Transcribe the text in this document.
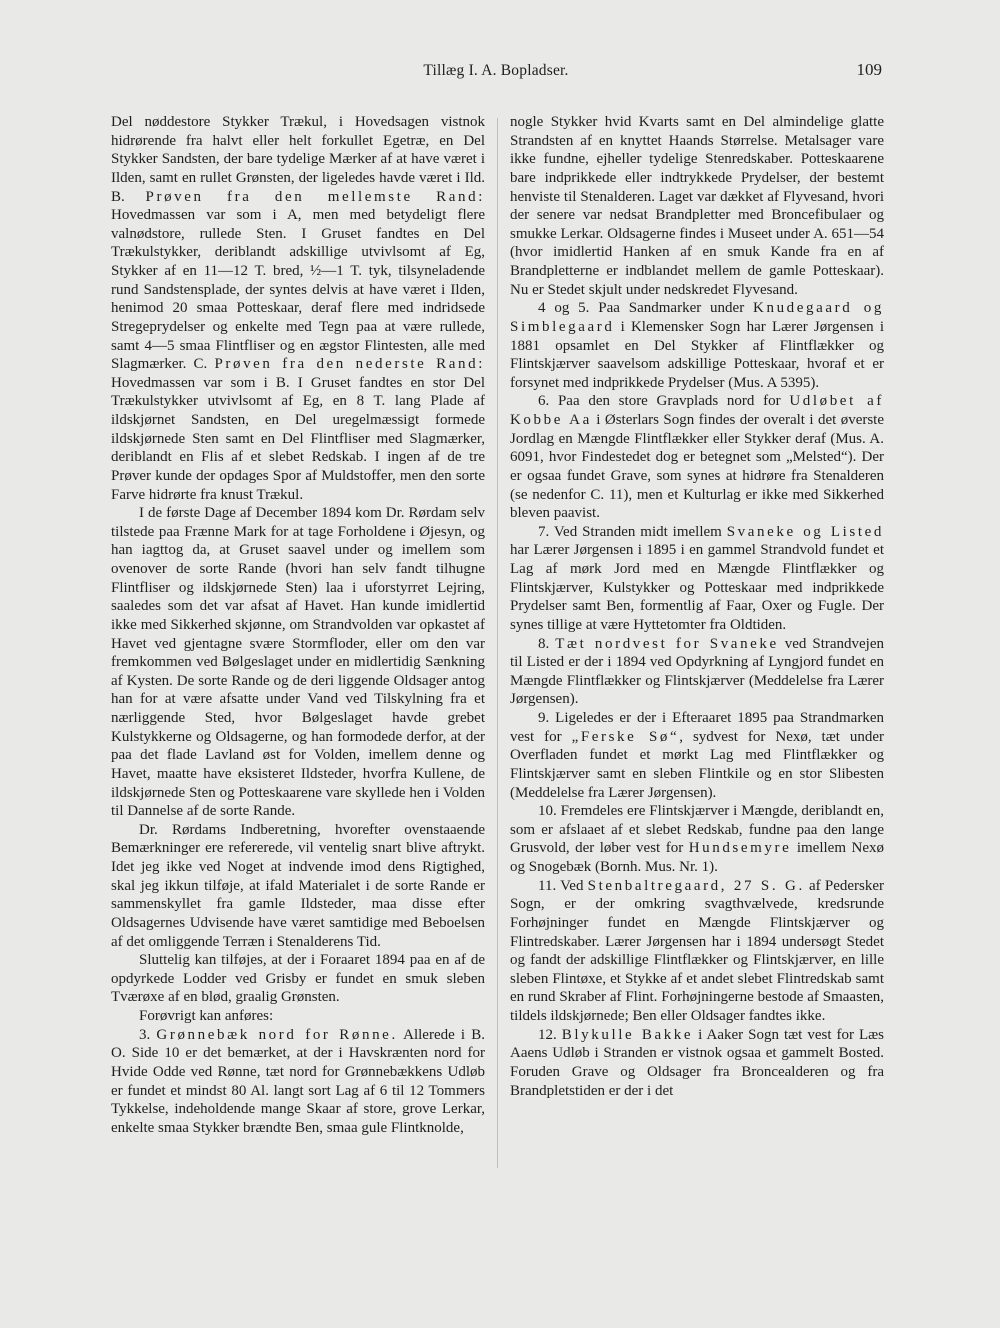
Tillæg I. A. Bopladser.	109

Del nøddestore Stykker Trækul, i Hovedsagen vistnok hidrørende fra halvt eller helt forkullet Egetræ, en Del Stykker Sandsten, der bare tydelige Mærker af at have været i Ilden, samt en rullet Grønsten, der ligeledes havde været i Ild. B. Prøven fra den mellemste Rand: Hovedmassen var som i A, men med betydeligt flere valnødstore, rullede Sten. I Gruset fandtes en Del Trækulstykker, deriblandt adskillige utvivlsomt af Eg, Stykker af en 11—12 T. bred, ½—1 T. tyk, tilsyneladende rund Sandstensplade, der syntes delvis at have været i Ilden, henimod 20 smaa Potteskaar, deraf flere med indridsede Stregeprydelser og enkelte med Tegn paa at være rullede, samt 4—5 smaa Flintfliser og en ægstor Flintesten, alle med Slagmærker. C. Prøven fra den nederste Rand: Hovedmassen var som i B. I Gruset fandtes en stor Del Trækulstykker utvivlsomt af Eg, en 8 T. lang Plade af ildskjørnet Sandsten, en Del uregelmæssigt formede ildskjørnede Sten samt en Del Flintfliser med Slagmærker, deriblandt en Flis af et slebet Redskab. I ingen af de tre Prøver kunde der opdages Spor af Muldstoffer, men den sorte Farve hidrørte fra knust Trækul.

I de første Dage af December 1894 kom Dr. Rørdam selv tilstede paa Frænne Mark for at tage Forholdene i Øjesyn, og han iagttog da, at Gruset saavel under og imellem som ovenover de sorte Rande (hvori han selv fandt tilhugne Flintfliser og ildskjørnede Sten) laa i uforstyrret Lejring, saaledes som det var afsat af Havet. Han kunde imidlertid ikke med Sikkerhed skjønne, om Strandvolden var opkastet af Havet ved gjentagne svære Stormfloder, eller om den var fremkommen ved Bølgeslaget under en midlertidig Sænkning af Kysten. De sorte Rande og de deri liggende Oldsager antog han for at være afsatte under Vand ved Tilskylning fra et nærliggende Sted, hvor Bølgeslaget havde grebet Kulstykkerne og Oldsagerne, og han formodede derfor, at der paa det flade Lavland øst for Volden, imellem denne og Havet, maatte have eksisteret Ildsteder, hvorfra Kullene, de ildskjørnede Sten og Potteskaarene vare skyllede hen i Volden til Dannelse af de sorte Rande.

Dr. Rørdams Indberetning, hvorefter ovenstaaende Bemærkninger ere refererede, vil ventelig snart blive aftrykt. Idet jeg ikke ved Noget at indvende imod dens Rigtighed, skal jeg ikkun tilføje, at ifald Materialet i de sorte Rande er sammenskyllet fra gamle Ildsteder, maa disse efter Oldsagernes Udvisende have været samtidige med Beboelsen af det omliggende Terræn i Stenalderens Tid.

Sluttelig kan tilføjes, at der i Foraaret 1894 paa en af de opdyrkede Lodder ved Grisby er fundet en smuk sleben Tværøxe af en blød, graalig Grønsten.

Forøvrigt kan anføres:

3. Grønnebæk nord for Rønne. Allerede i B. O. Side 10 er det bemærket, at der i Havskrænten nord for Hvide Odde ved Rønne, tæt nord for Grønnebækkens Udløb er fundet et mindst 80 Al. langt sort Lag af 6 til 12 Tommers Tykkelse, indeholdende mange Skaar af store, grove Lerkar, enkelte smaa Stykker brændte Ben, smaa gule Flintknolde,

nogle Stykker hvid Kvarts samt en Del almindelige glatte Strandsten af en knyttet Haands Størrelse. Metalsager vare ikke fundne, ejheller tydelige Stenredskaber. Potteskaarene bare indprikkede eller indtrykkede Prydelser, der bestemt henviste til Stenalderen. Laget var dækket af Flyvesand, hvori der senere var nedsat Brandpletter med Broncefibulaer og smukke Lerkar. Oldsagerne findes i Museet under A. 651—54 (hvor imidlertid Hanken af en smuk Kande fra en af Brandpletterne er indblandet mellem de gamle Potteskaar). Nu er Stedet skjult under nedskredet Flyvesand.

4 og 5. Paa Sandmarker under Knudegaard og Simblegaard i Klemensker Sogn har Lærer Jørgensen i 1881 opsamlet en Del Stykker af Flintflækker og Flintskjærver saavelsom adskillige Potteskaar, hvoraf et er forsynet med indprikkede Prydelser (Mus. A 5395).

6. Paa den store Gravplads nord for Udløbet af Kobbe Aa i Østerlars Sogn findes der overalt i det øverste Jordlag en Mængde Flintflækker eller Stykker deraf (Mus. A. 6091, hvor Findestedet dog er betegnet som „Melsted“). Der er ogsaa fundet Grave, som synes at hidrøre fra Stenalderen (se nedenfor C. 11), men et Kulturlag er ikke med Sikkerhed bleven paavist.

7. Ved Stranden midt imellem Svaneke og Listed har Lærer Jørgensen i 1895 i en gammel Strandvold fundet et Lag af mørk Jord med en Mængde Flintflækker og Flintskjærver, Kulstykker og Potteskaar med indprikkede Prydelser samt Ben, formentlig af Faar, Oxer og Fugle. Der synes tillige at være Hyttetomter fra Oldtiden.

8. Tæt nordvest for Svaneke ved Strandvejen til Listed er der i 1894 ved Opdyrkning af Lyngjord fundet en Mængde Flintflækker og Flintskjærver (Meddelelse fra Lærer Jørgensen).

9. Ligeledes er der i Efteraaret 1895 paa Strandmarken vest for „Ferske Sø“, sydvest for Nexø, tæt under Overfladen fundet et mørkt Lag med Flintflækker og Flintskjærver samt en sleben Flintkile og en stor Slibesten (Meddelelse fra Lærer Jørgensen).

10. Fremdeles ere Flintskjærver i Mængde, deriblandt en, som er afslaaet af et slebet Redskab, fundne paa den lange Grusvold, der løber vest for Hundsemyre imellem Nexø og Snogebæk (Bornh. Mus. Nr. 1).

11. Ved Stenbaltregaard, 27 S. G. af Pedersker Sogn, er der omkring svagthvælvede, kredsrunde Forhøjninger fundet en Mængde Flintskjærver og Flintredskaber. Lærer Jørgensen har i 1894 undersøgt Stedet og fandt der adskillige Flintflækker og Flintskjærver, en lille sleben Flintøxe, et Stykke af et andet slebet Flintredskab samt en rund Skraber af Flint. Forhøjningerne bestode af Smaasten, tildels ildskjørnede; Ben eller Oldsager fandtes ikke.

12. Blykulle Bakke i Aaker Sogn tæt vest for Læs Aaens Udløb i Stranden er vistnok ogsaa et gammelt Bosted. Foruden Grave og Oldsager fra Broncealderen og fra Brandpletstiden er der i det
